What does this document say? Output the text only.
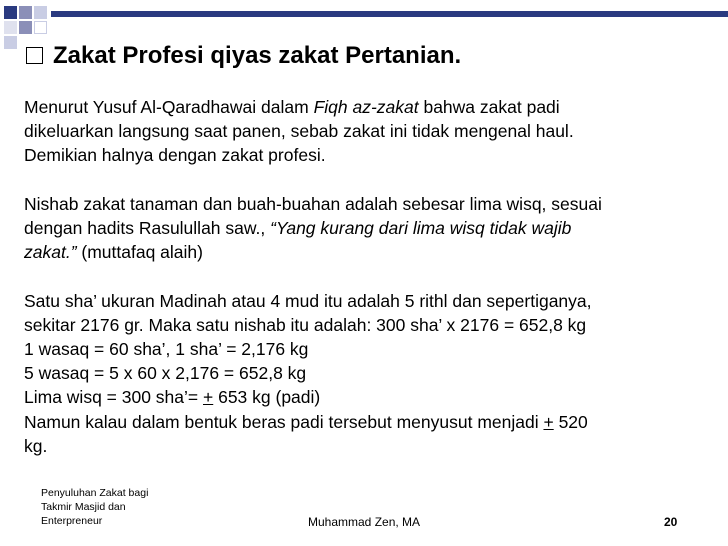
Zakat Profesi qiyas zakat Pertanian.

Menurut Yusuf Al-Qaradhawai dalam Fiqh az-zakat bahwa zakat padi

dikeluarkan langsung saat panen, sebab zakat ini tidak mengenal haul.

Demikian halnya dengan zakat profesi.

Nishab zakat tanaman dan buah-buahan adalah sebesar lima wisq, sesuai

dengan hadits Rasulullah saw., “Yang kurang dari lima wisq tidak wajib

zakat.” (muttafaq alaih)

Satu sha’ ukuran Madinah atau 4 mud itu adalah 5 rithl dan sepertiganya,

sekitar 2176 gr. Maka satu nishab itu adalah: 300 sha’ x 2176 = 652,8 kg

1 wasaq = 60 sha’, 1 sha’ = 2,176 kg

5 wasaq = 5 x 60 x 2,176 = 652,8 kg

Lima wisq = 300 sha’= + 653 kg (padi)

Namun kalau dalam bentuk beras padi tersebut menyusut menjadi + 520

kg.

Penyuluhan Zakat bagi
Takmir Masjid dan
Enterpreneur	Muhammad Zen, MA	20
